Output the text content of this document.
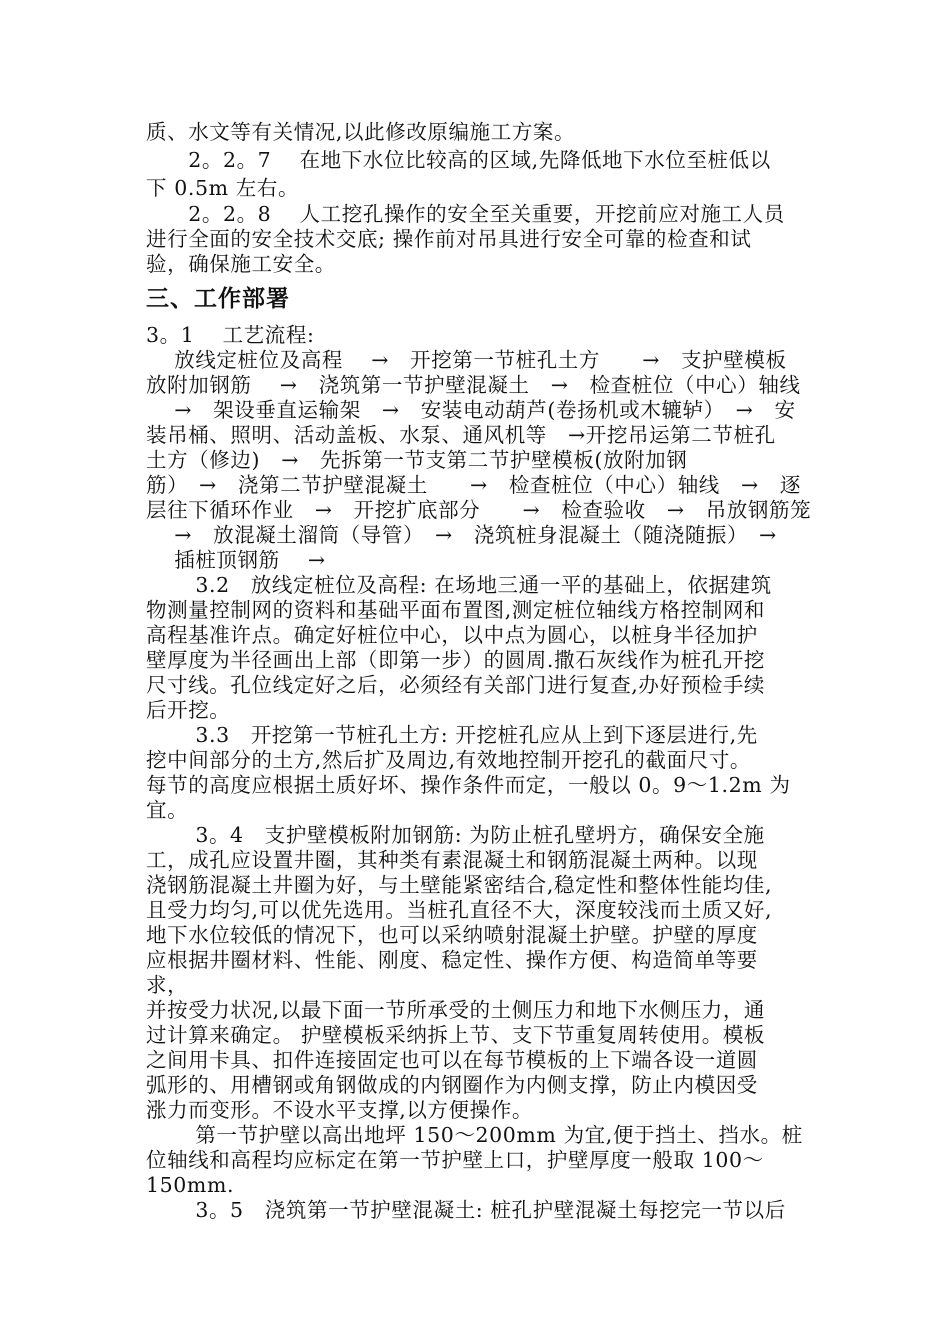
质、水文等有关情况,以此修改原编施工方案。
　　2。2。7　 在地下水位比较高的区域,先降低地下水位至桩低以
下 0.5m 左右。
　　2。2。8　 人工挖孔操作的安全至关重要，开挖前应对施工人员
进行全面的安全技术交底; 操作前对吊具进行安全可靠的检查和试
验，确保施工安全。
三、工作部署
3。1　 工艺流程:
　 放线定桩位及高程　 →　开挖第一节桩孔土方　　→　支护壁模板
放附加钢筋　 →　浇筑第一节护壁混凝土　→　检查桩位（中心）轴线
　 →　架设垂直运输架　→　安装电动葫芦(卷扬机或木辘轳）　→　安
装吊桶、照明、活动盖板、水泵、通风机等　→开挖吊运第二节桩孔
土方（修边)　→　先拆第一节支第二节护壁模板(放附加钢
筋）　→　浇第二节护壁混凝土　　→　检查桩位（中心）轴线　→　逐
层往下循环作业　→　开挖扩底部分　　→　检查验收　→　吊放钢筋笼
　 →　放混凝土溜筒（导管）　→　浇筑桩身混凝土（随浇随振）　→
　 插桩顶钢筋　 →
　　 3.2　放线定桩位及高程: 在场地三通一平的基础上，依据建筑
物测量控制网的资料和基础平面布置图,测定桩位轴线方格控制网和
高程基准许点。确定好桩位中心，以中点为圆心，以桩身半径加护
壁厚度为半径画出上部（即第一步）的圆周.撒石灰线作为桩孔开挖
尺寸线。孔位线定好之后，必须经有关部门进行复查,办好预检手续
后开挖。
　　 3.3　开挖第一节桩孔土方: 开挖桩孔应从上到下逐层进行,先
挖中间部分的土方,然后扩及周边,有效地控制开挖孔的截面尺寸。
每节的高度应根据土质好坏、操作条件而定，一般以 0。9～1.2m 为
宜。
　　 3。4　支护壁模板附加钢筋: 为防止桩孔壁坍方，确保安全施
工，成孔应设置井圈，其种类有素混凝土和钢筋混凝土两种。以现
浇钢筋混凝土井圈为好，与土壁能紧密结合,稳定性和整体性能均佳,
且受力均匀,可以优先选用。当桩孔直径不大，深度较浅而土质又好,
地下水位较低的情况下，也可以采纳喷射混凝土护壁。护壁的厚度
应根据井圈材料、性能、刚度、稳定性、操作方便、构造简单等要
求，
并按受力状况,以最下面一节所承受的土侧压力和地下水侧压力，通
过计算来确定。 护壁模板采纳拆上节、支下节重复周转使用。模板
之间用卡具、扣件连接固定也可以在每节模板的上下端各设一道圆
弧形的、用槽钢或角钢做成的内钢圈作为内侧支撑，防止内模因受
涨力而变形。不设水平支撑,以方便操作。
　　 第一节护壁以高出地坪 150～200mm 为宜,便于挡土、挡水。桩
位轴线和高程均应标定在第一节护壁上口，护壁厚度一般取 100～
150mm.
　　 3。5　浇筑第一节护壁混凝土: 桩孔护壁混凝土每挖完一节以后
